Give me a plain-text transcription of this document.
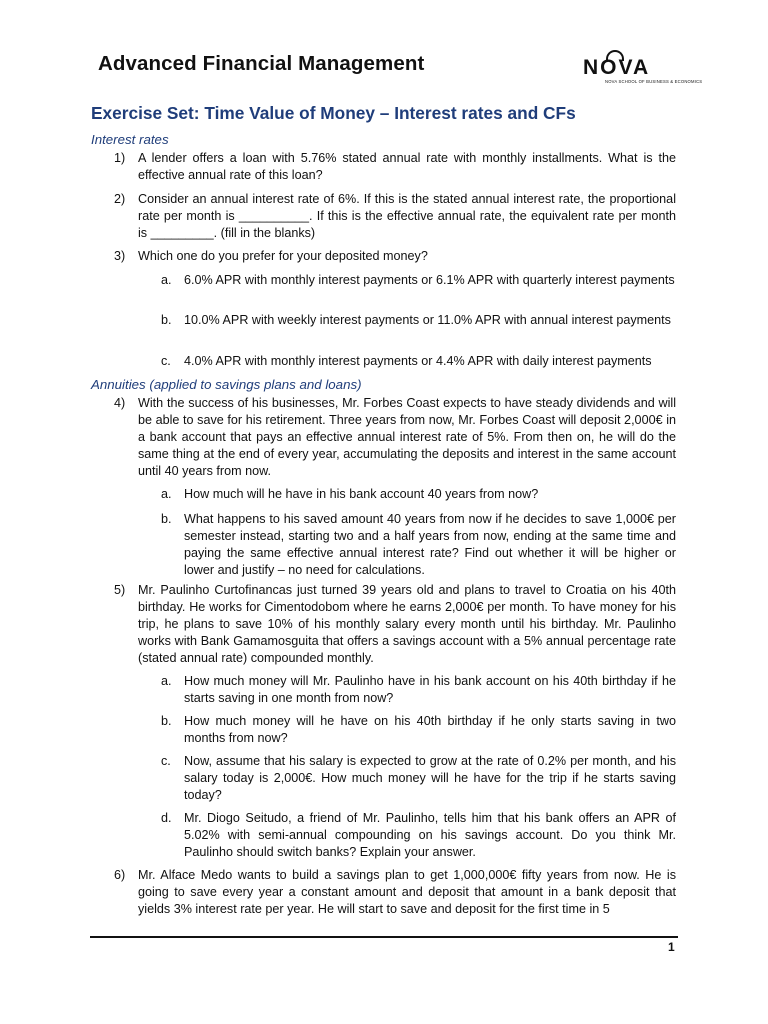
Advanced Financial Management	NOVA
NOVA SCHOOL OF BUSINESS & ECONOMICS
Exercise Set: Time Value of Money – Interest rates and CFs
Interest rates
1) A lender offers a loan with 5.76% stated annual rate with monthly installments. What is the effective annual rate of this loan?
2) Consider an annual interest rate of 6%. If this is the stated annual interest rate, the proportional rate per month is __________. If this is the effective annual rate, the equivalent rate per month is _________. (fill in the blanks)
3) Which one do you prefer for your deposited money?
a. 6.0% APR with monthly interest payments or 6.1% APR with quarterly interest payments
b. 10.0% APR with weekly interest payments or 11.0% APR with annual interest payments
c. 4.0% APR with monthly interest payments or 4.4% APR with daily interest payments
Annuities (applied to savings plans and loans)
4) With the success of his businesses, Mr. Forbes Coast expects to have steady dividends and will be able to save for his retirement. Three years from now, Mr. Forbes Coast will deposit 2,000€ in a bank account that pays an effective annual interest rate of 5%. From then on, he will do the same thing at the end of every year, accumulating the deposits and interest in the same account until 40 years from now.
a. How much will he have in his bank account 40 years from now?
b. What happens to his saved amount 40 years from now if he decides to save 1,000€ per semester instead, starting two and a half years from now, ending at the same time and paying the same effective annual interest rate? Find out whether it will be higher or lower and justify – no need for calculations.
5) Mr. Paulinho Curtofinancas just turned 39 years old and plans to travel to Croatia on his 40th birthday. He works for Cimentodobom where he earns 2,000€ per month. To have money for his trip, he plans to save 10% of his monthly salary every month until his birthday. Mr. Paulinho works with Bank Gamamosguita that offers a savings account with a 5% annual percentage rate (stated annual rate) compounded monthly.
a. How much money will Mr. Paulinho have in his bank account on his 40th birthday if he starts saving in one month from now?
b. How much money will he have on his 40th birthday if he only starts saving in two months from now?
c. Now, assume that his salary is expected to grow at the rate of 0.2% per month, and his salary today is 2,000€. How much money will he have for the trip if he starts saving today?
d. Mr. Diogo Seitudo, a friend of Mr. Paulinho, tells him that his bank offers an APR of 5.02% with semi-annual compounding on his savings account. Do you think Mr. Paulinho should switch banks? Explain your answer.
6) Mr. Alface Medo wants to build a savings plan to get 1,000,000€ fifty years from now. He is going to save every year a constant amount and deposit that amount in a bank deposit that yields 3% interest rate per year. He will start to save and deposit for the first time in 5
1
